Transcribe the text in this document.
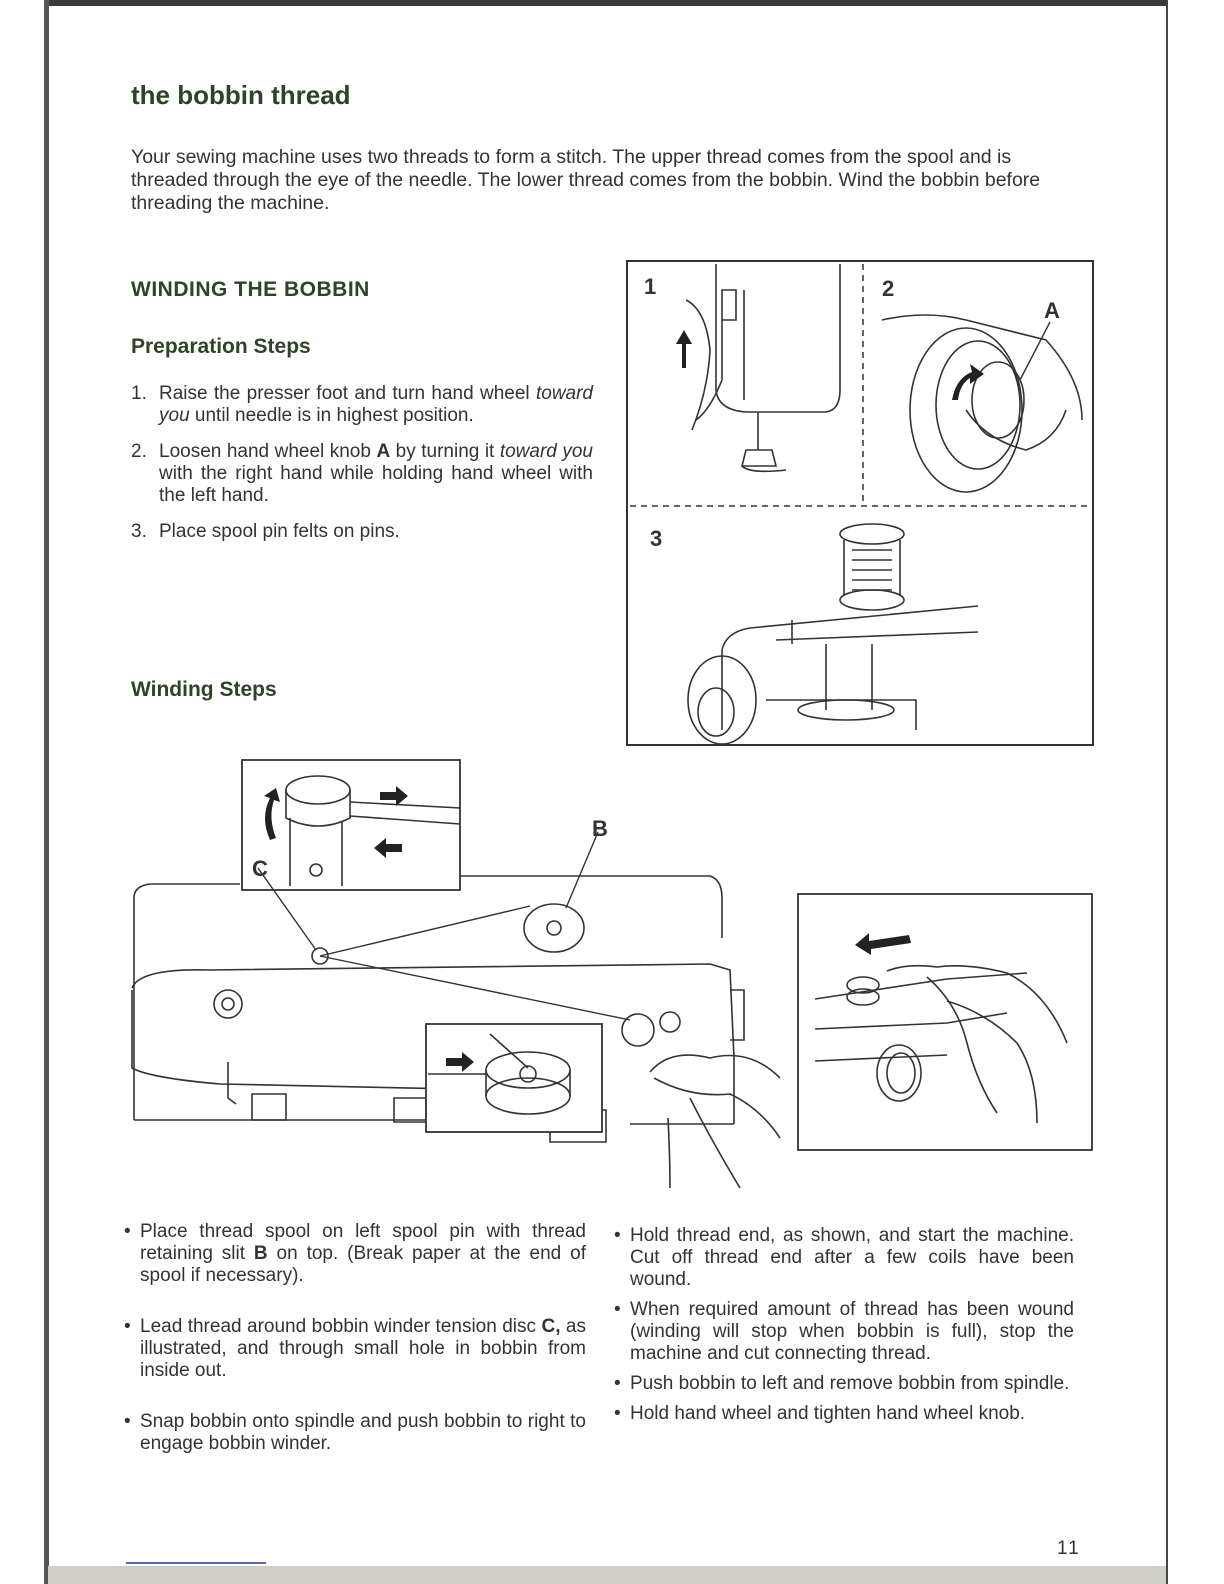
the bobbin thread

Your sewing machine uses two threads to form a stitch. The upper thread comes from the spool and is threaded through the eye of the needle. The lower thread comes from the bobbin. Wind the bobbin before threading the machine.

WINDING THE BOBBIN
Preparation Steps
1. Raise the presser foot and turn hand wheel toward you until needle is in highest position.
2. Loosen hand wheel knob A by turning it toward you with the right hand while holding hand wheel with the left hand.
3. Place spool pin felts on pins.
Winding Steps
1	2
3
A
C
B
• Place thread spool on left spool pin with thread retaining slit B on top. (Break paper at the end of spool if necessary).
• Lead thread around bobbin winder tension disc C, as illustrated, and through small hole in bobbin from inside out.
• Snap bobbin onto spindle and push bobbin to right to engage bobbin winder.
• Hold thread end, as shown, and start the machine. Cut off thread end after a few coils have been wound.
• When required amount of thread has been wound (winding will stop when bobbin is full), stop the machine and cut connecting thread.
• Push bobbin to left and remove bobbin from spindle.
• Hold hand wheel and tighten hand wheel knob.
11
